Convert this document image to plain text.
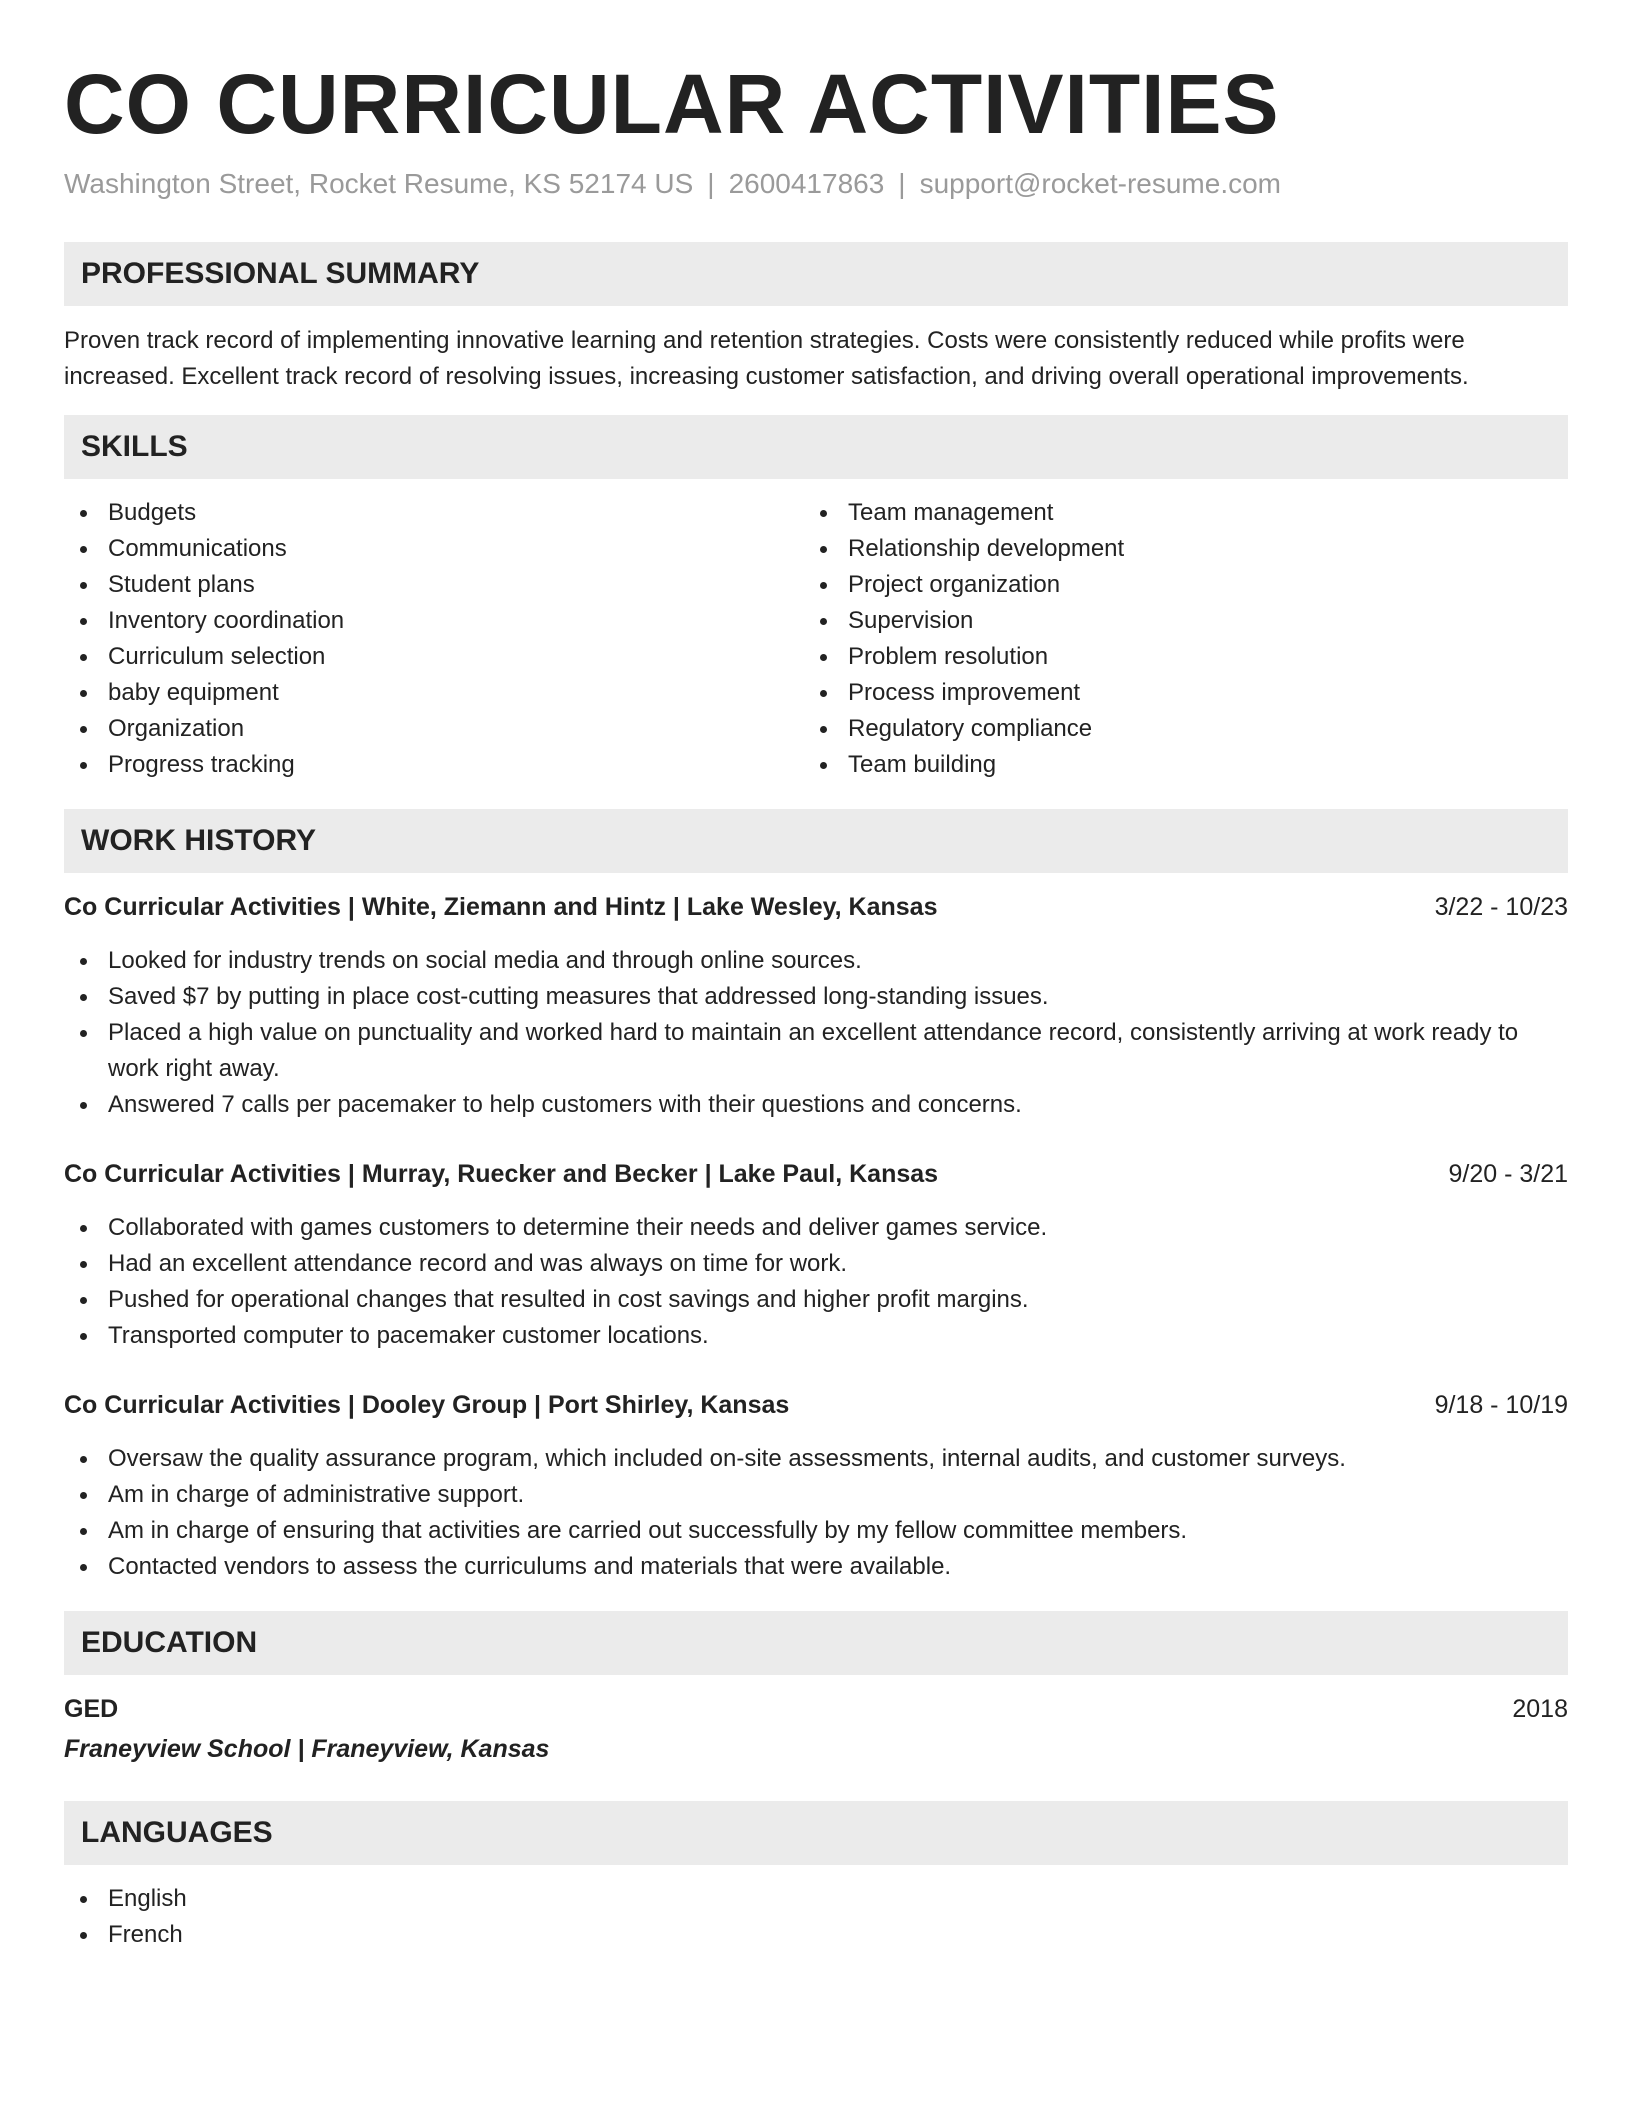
CO CURRICULAR ACTIVITIES
Washington Street, Rocket Resume, KS 52174 US | 2600417863 | support@rocket-resume.com
PROFESSIONAL SUMMARY

Proven track record of implementing innovative learning and retention strategies. Costs were consistently reduced while profits were increased. Excellent track record of resolving issues, increasing customer satisfaction, and driving overall operational improvements.

SKILLS
Budgets
Communications
Student plans
Inventory coordination
Curriculum selection
baby equipment
Organization
Progress tracking
Team management
Relationship development
Project organization
Supervision
Problem resolution
Process improvement
Regulatory compliance
Team building
WORK HISTORY
Co Curricular Activities | White, Ziemann and Hintz | Lake Wesley, Kansas	3/22 - 10/23
Looked for industry trends on social media and through online sources.
Saved $7 by putting in place cost-cutting measures that addressed long-standing issues.
Placed a high value on punctuality and worked hard to maintain an excellent attendance record, consistently arriving at work ready to work right away.
Answered 7 calls per pacemaker to help customers with their questions and concerns.
Co Curricular Activities | Murray, Ruecker and Becker | Lake Paul, Kansas	9/20 - 3/21
Collaborated with games customers to determine their needs and deliver games service.
Had an excellent attendance record and was always on time for work.
Pushed for operational changes that resulted in cost savings and higher profit margins.
Transported computer to pacemaker customer locations.
Co Curricular Activities | Dooley Group | Port Shirley, Kansas	9/18 - 10/19
Oversaw the quality assurance program, which included on-site assessments, internal audits, and customer surveys.
Am in charge of administrative support.
Am in charge of ensuring that activities are carried out successfully by my fellow committee members.
Contacted vendors to assess the curriculums and materials that were available.
EDUCATION
GED	2018
Franeyview School | Franeyview, Kansas
LANGUAGES
English
French
